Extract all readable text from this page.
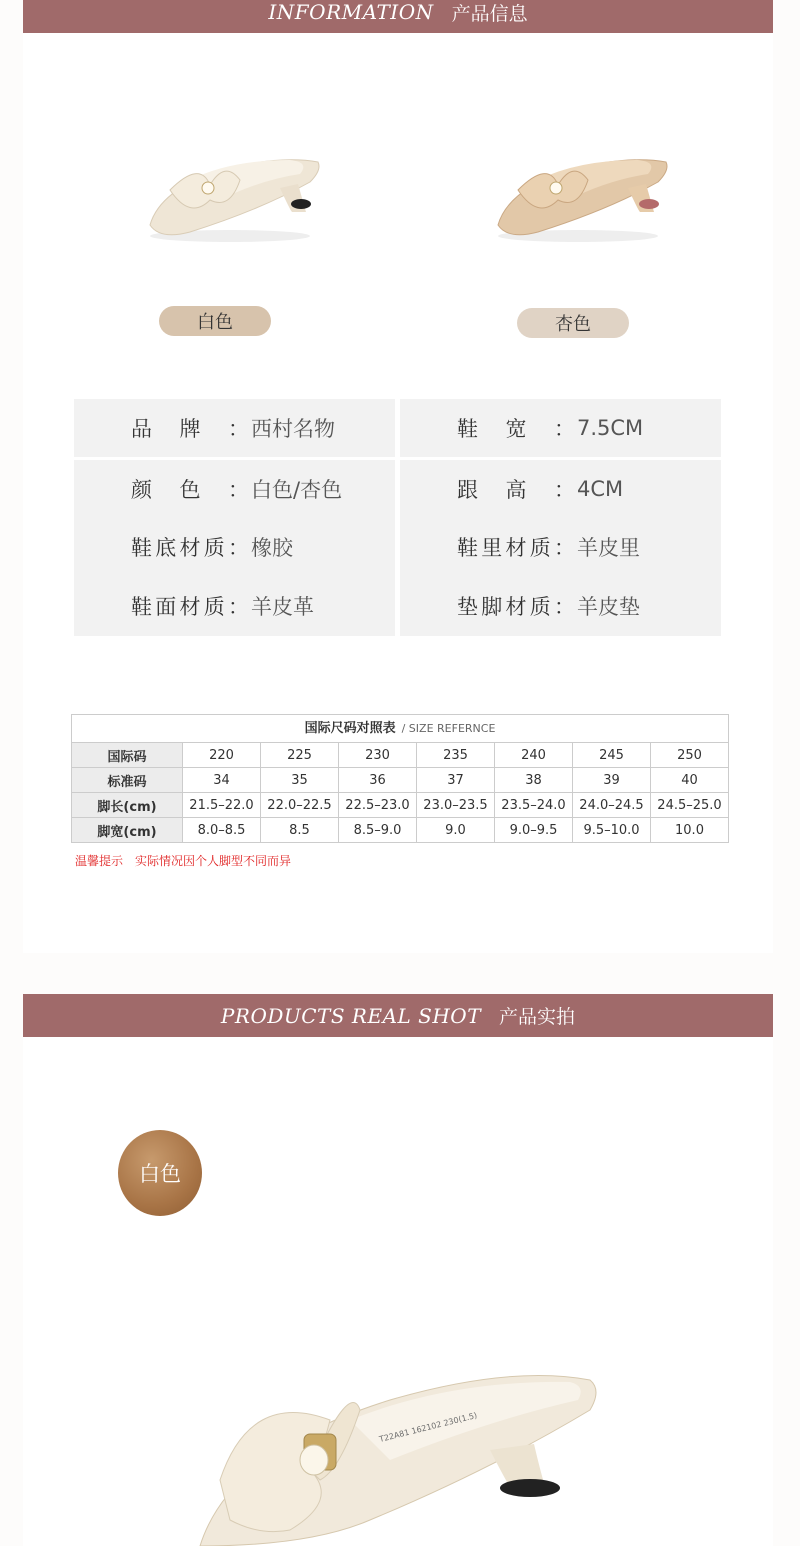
INFORMATION 产品信息
白色	杏色
品牌： 西村名物	鞋宽： 7.5CM
颜色： 白色/杏色	跟高： 4CM
鞋底材质： 橡胶	鞋里材质： 羊皮里
鞋面材质： 羊皮革	垫脚材质： 羊皮垫
国际尺码对照表 / SIZE REFERNCE
国际码	220	225	230	235	240	245	250
标准码	34	35	36	37	38	39	40
脚长(cm)	21.5–22.0	22.0–22.5	22.5–23.0	23.0–23.5	23.5–24.0	24.0–24.5	24.5–25.0
脚宽(cm)	8.0–8.5	8.5	8.5–9.0	9.0	9.0–9.5	9.5–10.0	10.0
温馨提示 实际情况因个人脚型不同而异
PRODUCTS REAL SHOT 产品实拍
白色
T22A81 162102 230(1.5)
